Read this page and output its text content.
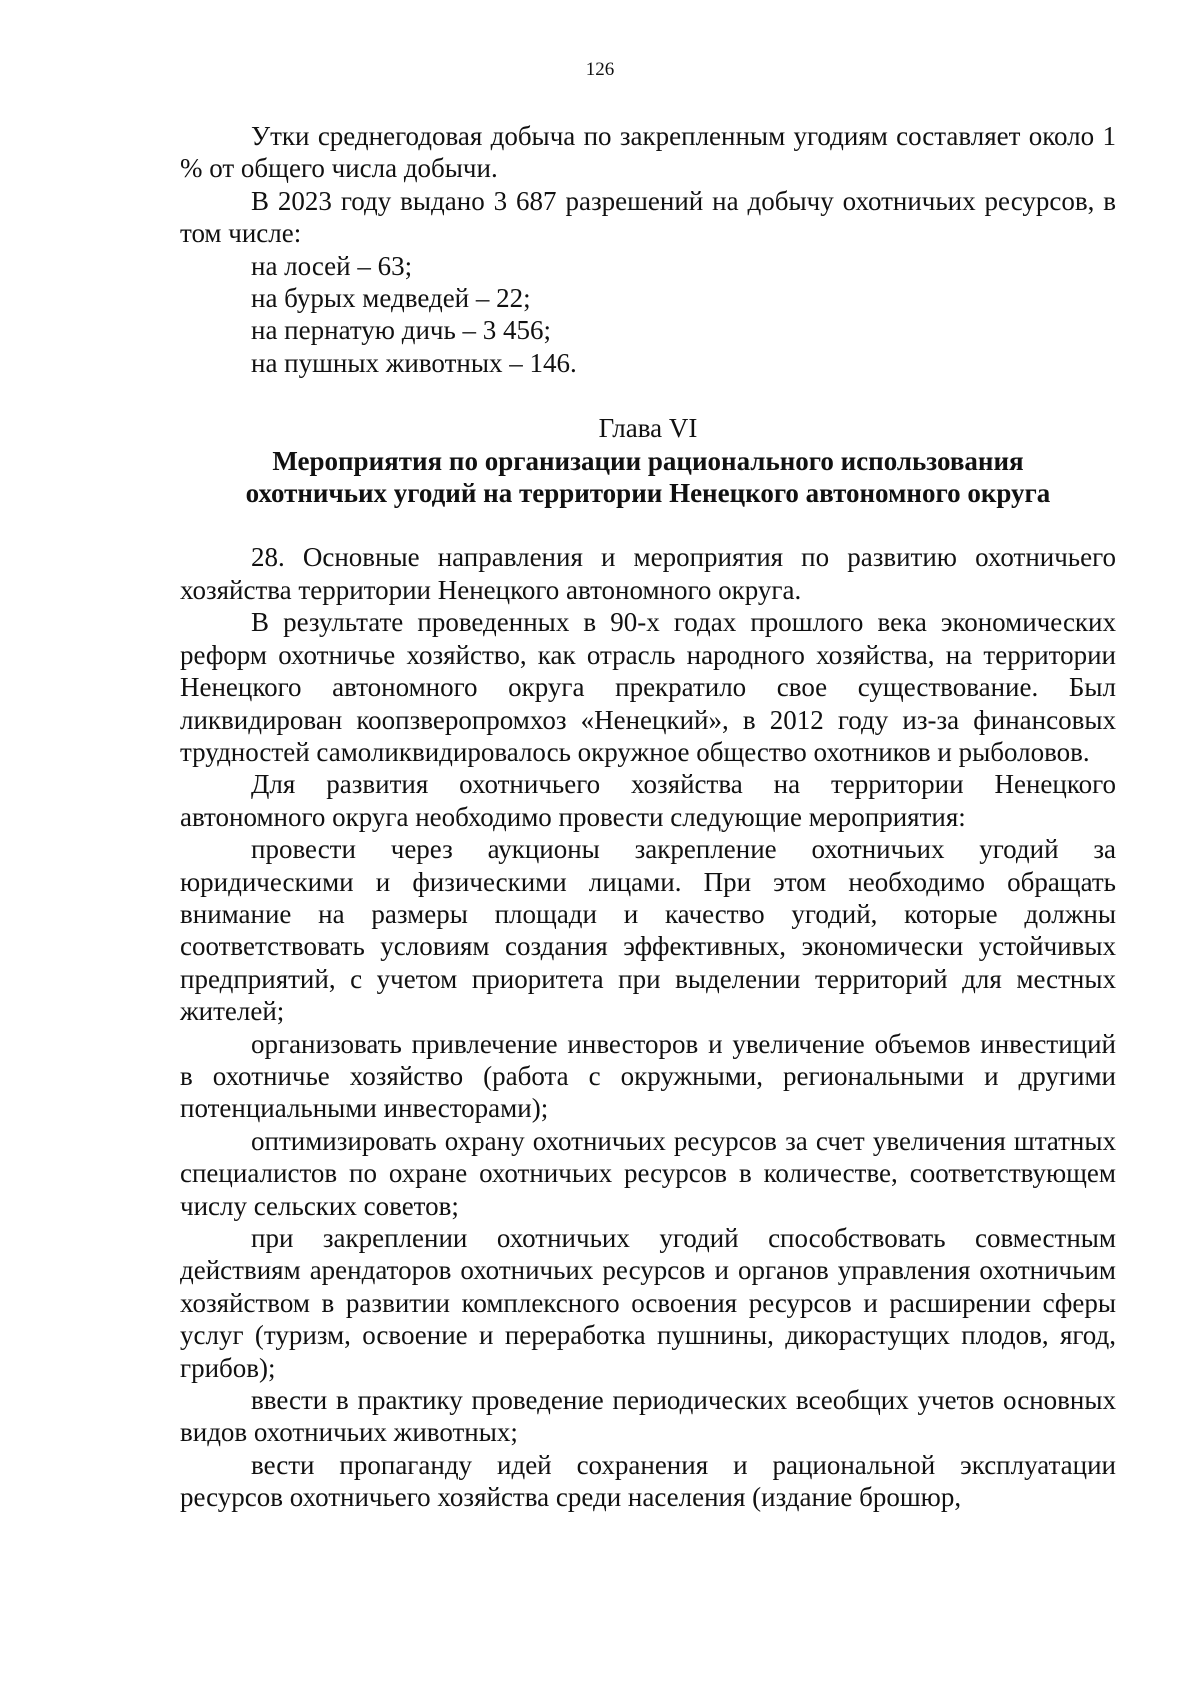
126

Утки среднегодовая добыча по закрепленным угодиям составляет около 1 % от общего числа добычи.

В 2023 году выдано 3 687 разрешений на добычу охотничьих ресурсов, в том числе:

на лосей – 63;

на бурых медведей – 22;

на пернатую дичь – 3 456;

на пушных животных – 146.

Глава VI
Мероприятия по организации рационального использования
охотничьих угодий на территории Ненецкого автономного округа

28. Основные направления и мероприятия по развитию охотничьего хозяйства территории Ненецкого автономного округа.

В результате проведенных в 90-х годах прошлого века экономических реформ охотничье хозяйство, как отрасль народного хозяйства, на территории Ненецкого автономного округа прекратило свое существование. Был ликвидирован коопзверопромхоз «Ненецкий», в 2012 году из-за финансовых трудностей самоликвидировалось окружное общество охотников и рыболовов.

Для развития охотничьего хозяйства на территории Ненецкого автономного округа необходимо провести следующие мероприятия:

провести через аукционы закрепление охотничьих угодий за юридическими и физическими лицами. При этом необходимо обращать внимание на размеры площади и качество угодий, которые должны соответствовать условиям создания эффективных, экономически устойчивых предприятий, с учетом приоритета при выделении территорий для местных жителей;

организовать привлечение инвесторов и увеличение объемов инвестиций в охотничье хозяйство (работа с окружными, региональными и другими потенциальными инвесторами);

оптимизировать охрану охотничьих ресурсов за счет увеличения штатных специалистов по охране охотничьих ресурсов в количестве, соответствующем числу сельских советов;

при закреплении охотничьих угодий способствовать совместным действиям арендаторов охотничьих ресурсов и органов управления охотничьим хозяйством в развитии комплексного освоения ресурсов и расширении сферы услуг (туризм, освоение и переработка пушнины, дикорастущих плодов, ягод, грибов);

ввести в практику проведение периодических всеобщих учетов основных видов охотничьих животных;

вести пропаганду идей сохранения и рациональной эксплуатации ресурсов охотничьего хозяйства среди населения (издание брошюр,
